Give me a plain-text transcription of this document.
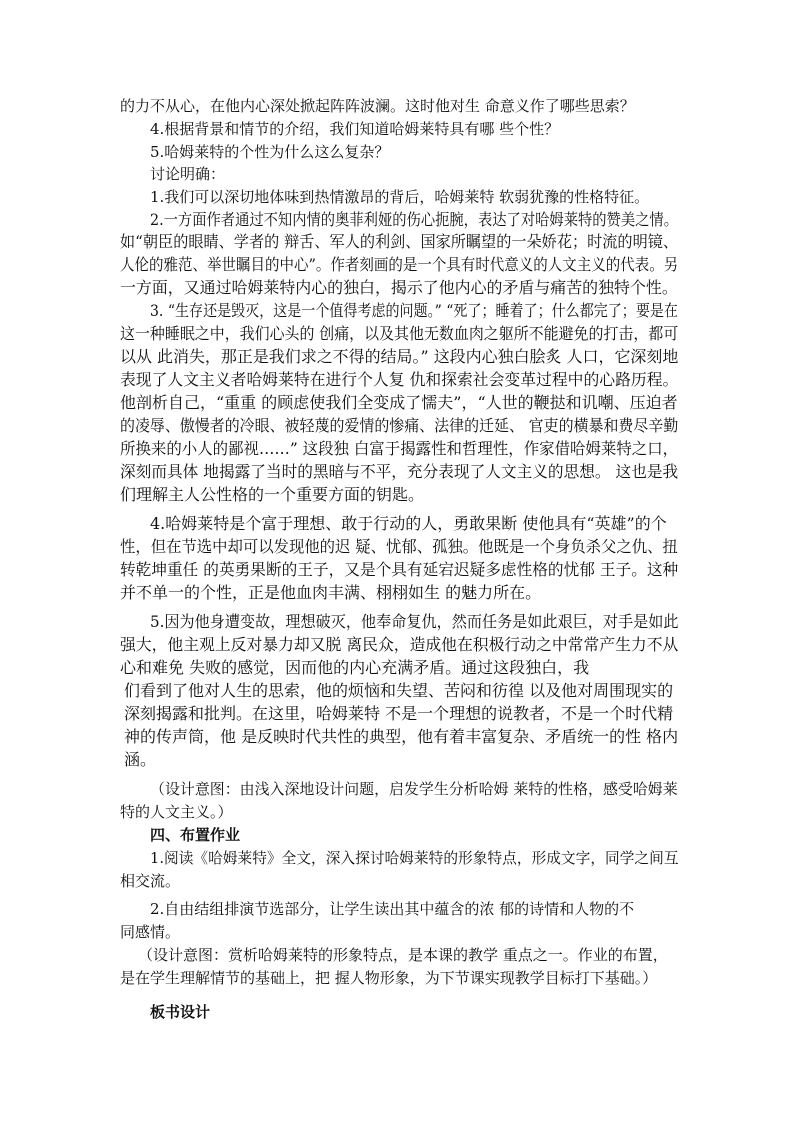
的力不从心，在他内心深处掀起阵阵波澜。这时他对生 命意义作了哪些思索？
4.根据背景和情节的介绍，我们知道哈姆莱特具有哪 些个性？
5.哈姆莱特的个性为什么这么复杂？
讨论明确：
1.我们可以深切地体味到热情激昂的背后，哈姆莱特 软弱犹豫的性格特征。
2.一方面作者通过不知内情的奥菲利娅的伤心扼腕，表达了对哈姆莱特的赞美之情。
如“朝臣的眼睛、学者的 辩舌、军人的利剑、国家所瞩望的一朵娇花；时流的明镜、
人伦的雅范、举世瞩目的中心”。作者刻画的是一个具有时代意义的人文主义的代表。另
一方面，又通过哈姆莱特内心的独白，揭示了他内心的矛盾与痛苦的独特个性。
3. “生存还是毁灭，这是一个值得考虑的问题。” “死了；睡着了；什么都完了；要是在
这一种睡眠之中，我们心头的 创痛，以及其他无数血肉之躯所不能避免的打击，都可
以从 此消失，那正是我们求之不得的结局。” 这段内心独白脍炙 人口，它深刻地
表现了人文主义者哈姆莱特在进行个人复 仇和探索社会变革过程中的心路历程。
他剖析自己，“重重 的顾虑使我们全变成了懦夫”，“人世的鞭挞和讥嘲、压迫者
的凌辱、傲慢者的冷眼、被轻蔑的爱情的惨痛、法律的迁延、 官吏的横暴和费尽辛勤
所换来的小人的鄙视……” 这段独 白富于揭露性和哲理性，作家借哈姆莱特之口，
深刻而具体 地揭露了当时的黑暗与不平，充分表现了人文主义的思想。 这也是我
们理解主人公性格的一个重要方面的钥匙。
4.哈姆莱特是个富于理想、敢于行动的人，勇敢果断 使他具有“英雄”的个
性，但在节选中却可以发现他的迟 疑、忧郁、孤独。他既是一个身负杀父之仇、扭
转乾坤重任 的英勇果断的王子，又是个具有延宕迟疑多虑性格的忧郁 王子。这种
并不单一的个性，正是他血肉丰满、栩栩如生 的魅力所在。
5.因为他身遭变故，理想破灭，他奉命复仇，然而任务是如此艰巨，对手是如此
强大，他主观上反对暴力却又脱 离民众，造成他在积极行动之中常常产生力不从
心和难免 失败的感觉，因而他的内心充满矛盾。通过这段独白，我
们看到了他对人生的思索，他的烦恼和失望、苦闷和彷徨 以及他对周围现实的
深刻揭露和批判。在这里，哈姆莱特 不是一个理想的说教者，不是一个时代精
神的传声筒，他 是反映时代共性的典型，他有着丰富复杂、矛盾统一的性 格内
涵。
（设计意图：由浅入深地设计问题，启发学生分析哈姆 莱特的性格，感受哈姆莱
特的人文主义。）
四、布置作业
1.阅读《哈姆莱特》全文，深入探讨哈姆莱特的形象特点，形成文字，同学之间互
相交流。
2.自由结组排演节选部分，让学生读出其中蕴含的浓 郁的诗情和人物的不
同感情。
（设计意图：赏析哈姆莱特的形象特点，是本课的教学 重点之一。作业的布置，
是在学生理解情节的基础上，把 握人物形象，为下节课实现教学目标打下基础。）
板书设计
